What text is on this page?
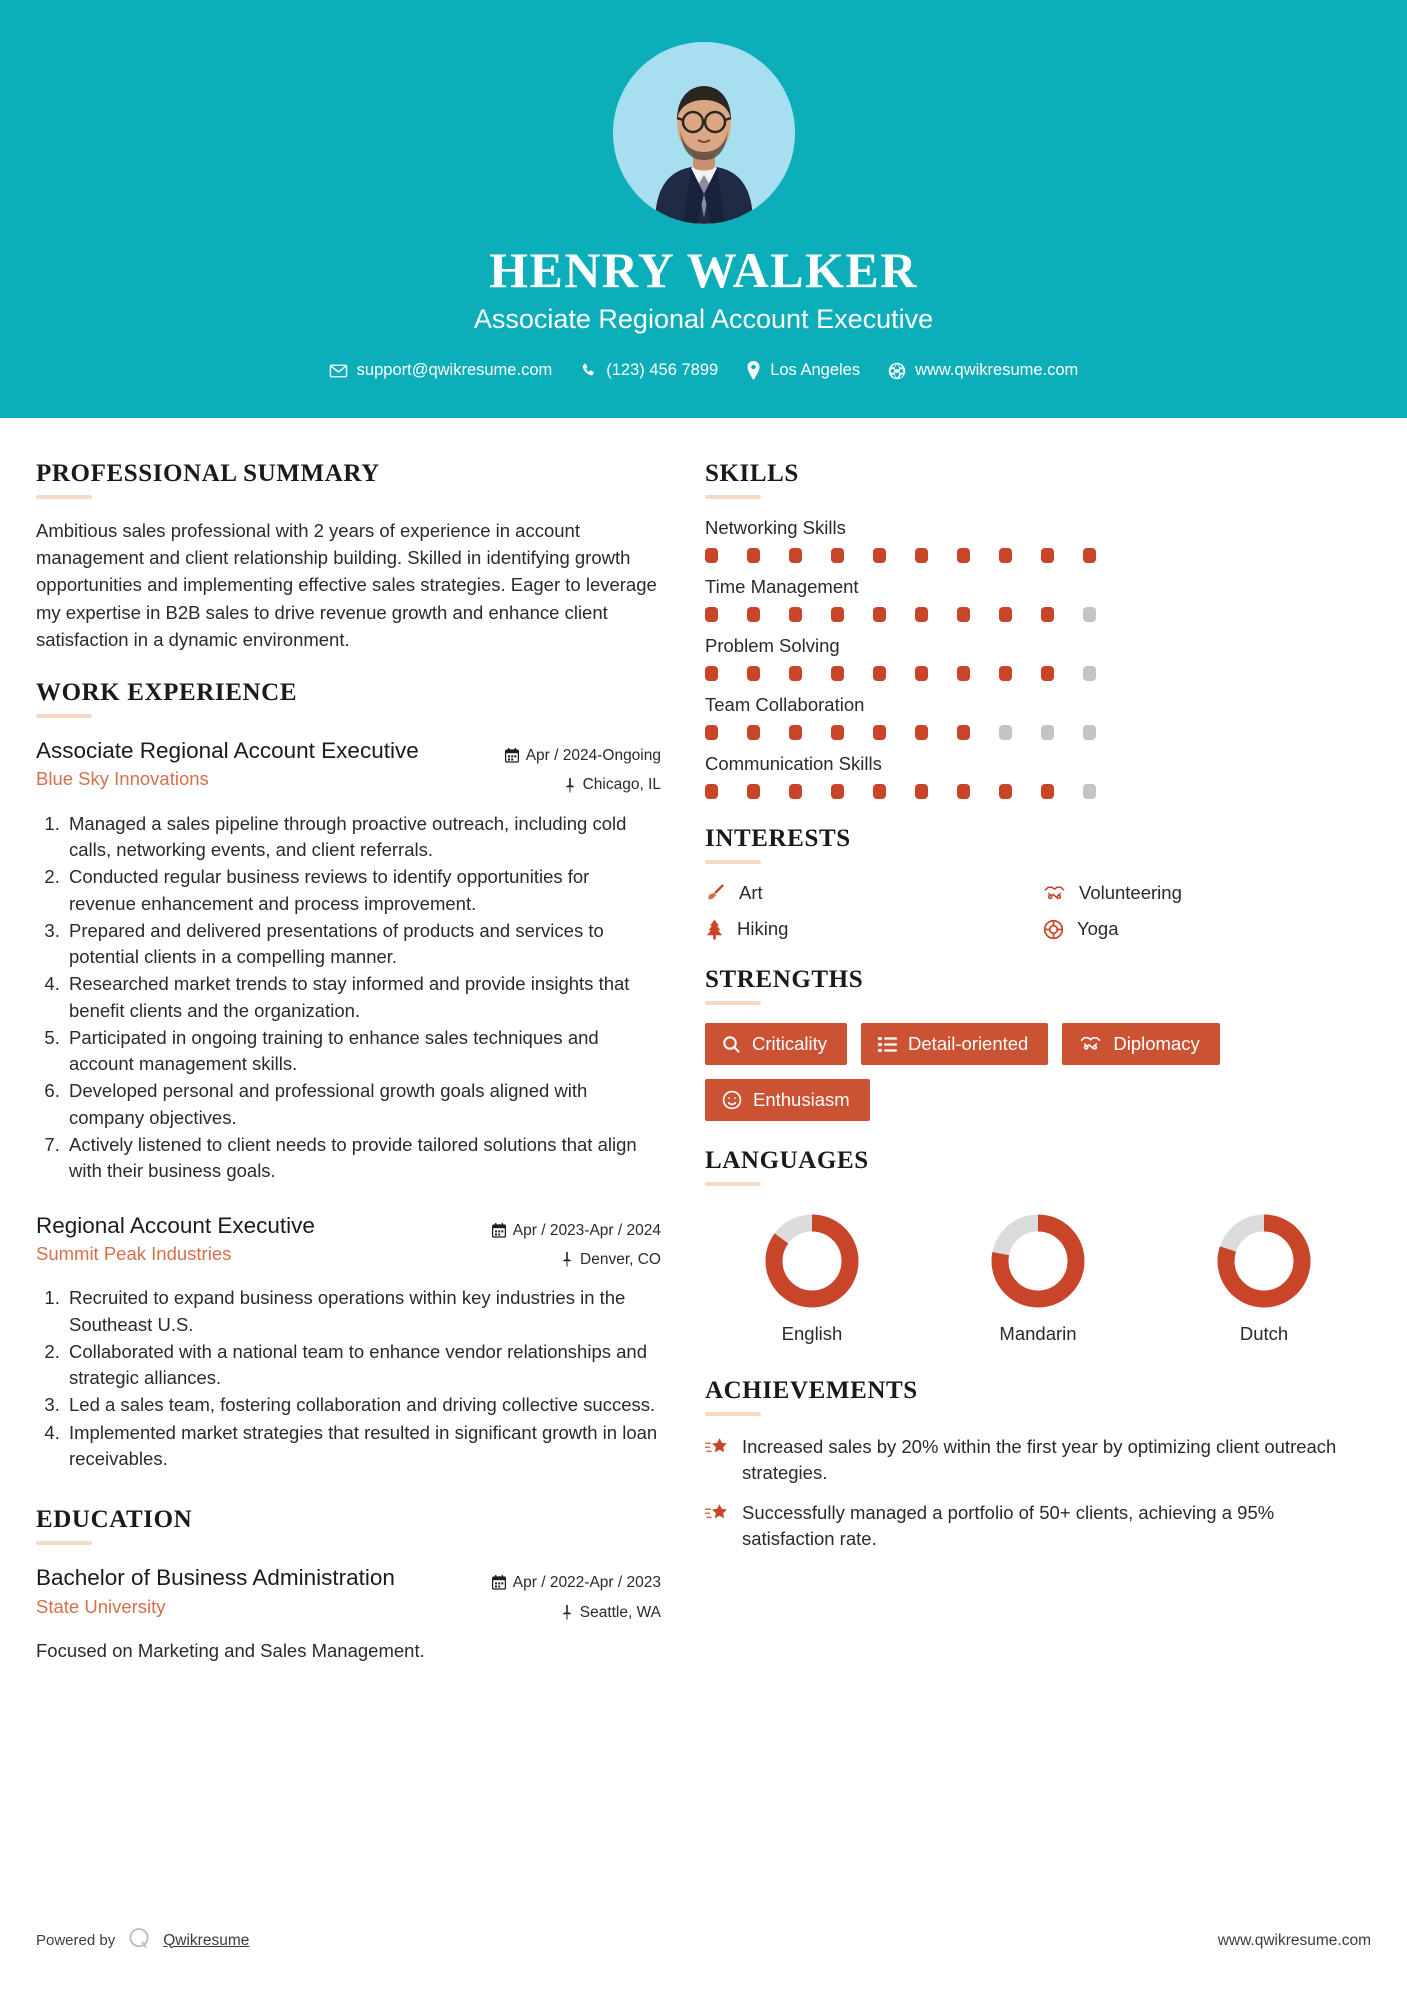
HENRY WALKER
Associate Regional Account Executive
support@qwikresume.com	(123) 456 7899	Los Angeles	www.qwikresume.com
PROFESSIONAL SUMMARY
Ambitious sales professional with 2 years of experience in account management and client relationship building. Skilled in identifying growth opportunities and implementing effective sales strategies. Eager to leverage my expertise in B2B sales to drive revenue growth and enhance client satisfaction in a dynamic environment.
WORK EXPERIENCE
Associate Regional Account Executive
Blue Sky Innovations
Apr / 2024-Ongoing
Chicago, IL
1. Managed a sales pipeline through proactive outreach, including cold calls, networking events, and client referrals.
2. Conducted regular business reviews to identify opportunities for revenue enhancement and process improvement.
3. Prepared and delivered presentations of products and services to potential clients in a compelling manner.
4. Researched market trends to stay informed and provide insights that benefit clients and the organization.
5. Participated in ongoing training to enhance sales techniques and account management skills.
6. Developed personal and professional growth goals aligned with company objectives.
7. Actively listened to client needs to provide tailored solutions that align with their business goals.
Regional Account Executive
Summit Peak Industries
Apr / 2023-Apr / 2024
Denver, CO
1. Recruited to expand business operations within key industries in the Southeast U.S.
2. Collaborated with a national team to enhance vendor relationships and strategic alliances.
3. Led a sales team, fostering collaboration and driving collective success.
4. Implemented market strategies that resulted in significant growth in loan receivables.
EDUCATION
Bachelor of Business Administration
State University
Apr / 2022-Apr / 2023
Seattle, WA
Focused on Marketing and Sales Management.
SKILLS
Networking Skills
Time Management
Problem Solving
Team Collaboration
Communication Skills
INTERESTS
Art	Volunteering
Hiking	Yoga
STRENGTHS
Criticality	Detail-oriented	Diplomacy
Enthusiasm
LANGUAGES
English	Mandarin	Dutch
ACHIEVEMENTS
Increased sales by 20% within the first year by optimizing client outreach strategies.
Successfully managed a portfolio of 50+ clients, achieving a 95% satisfaction rate.
Powered by	Qwikresume	www.qwikresume.com
